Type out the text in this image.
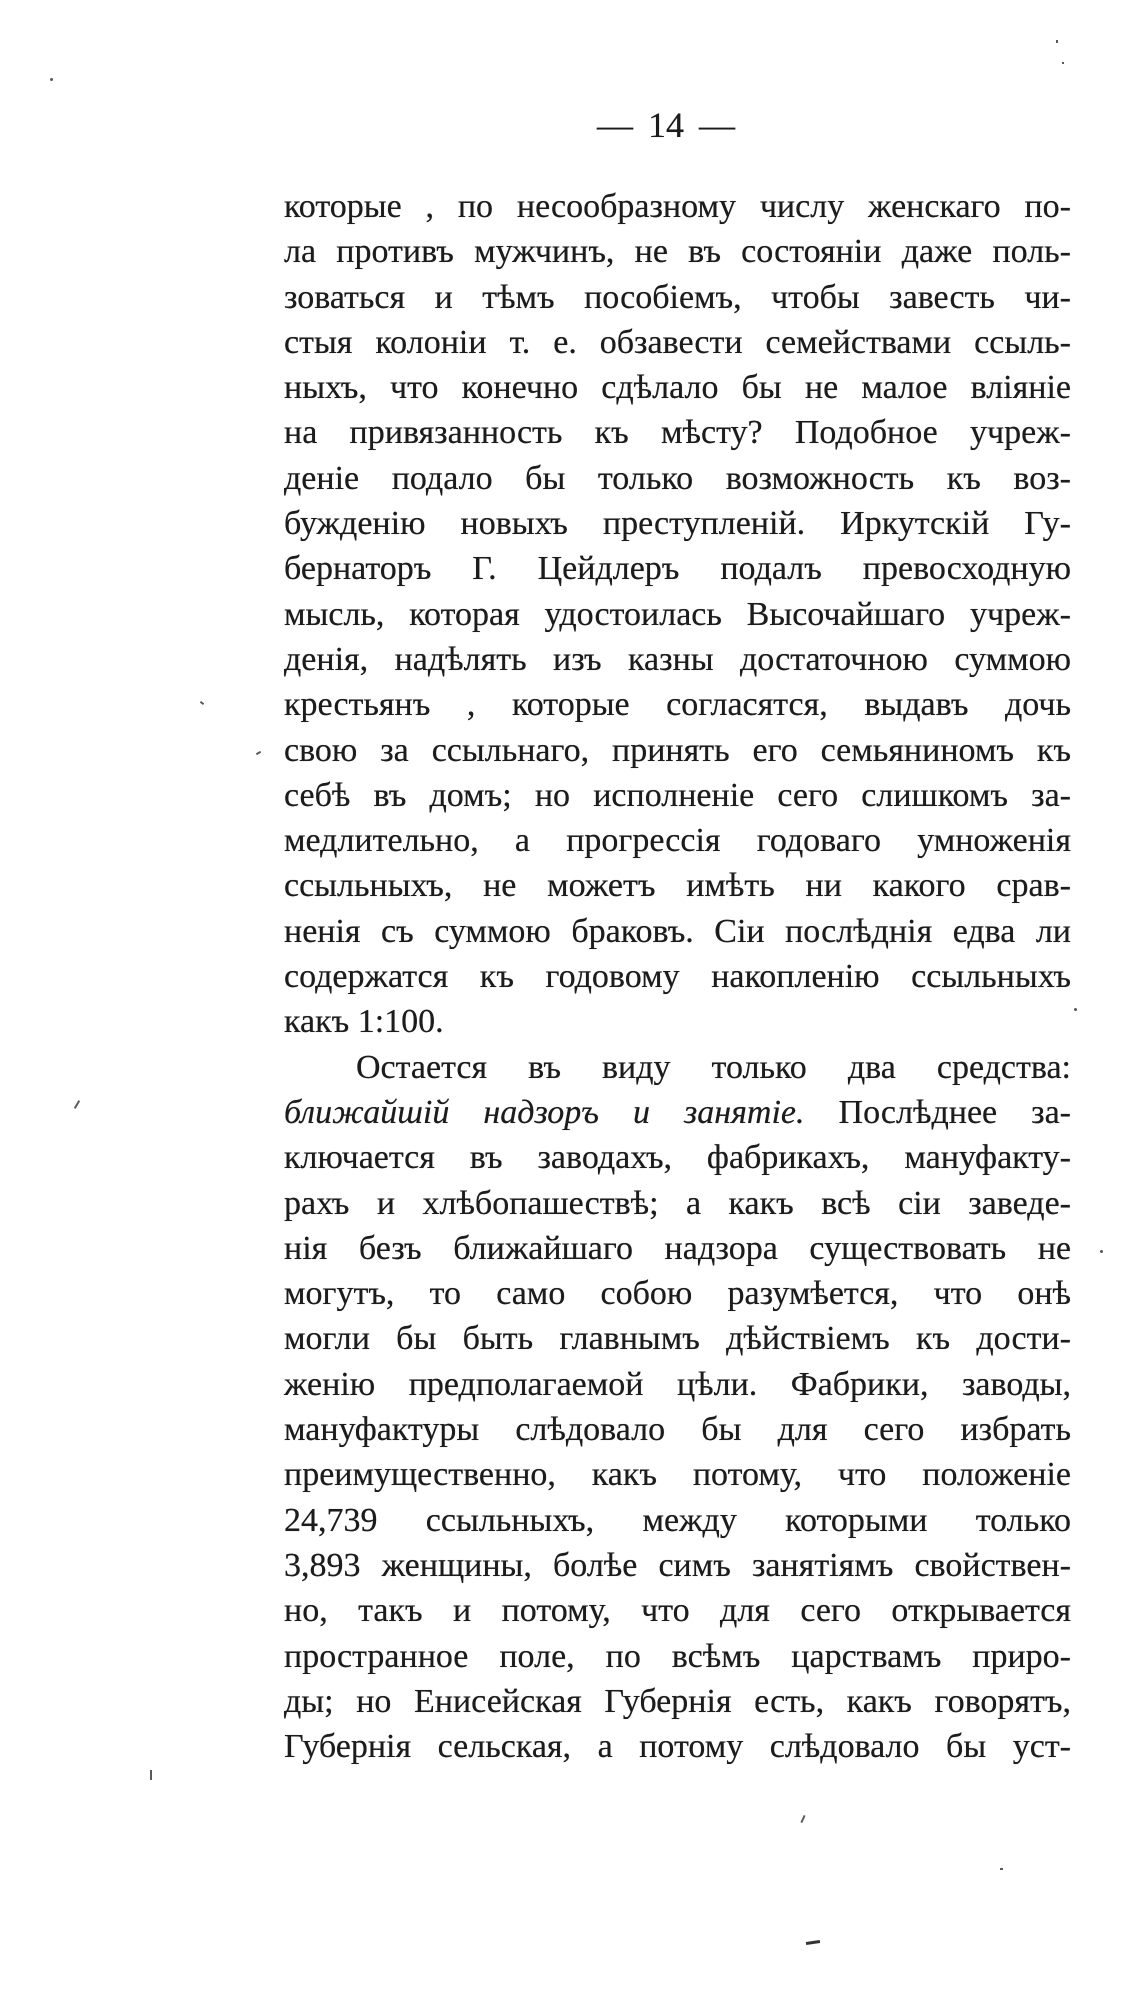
— 14 —
которые , по несообразному числу женскаго по-
ла противъ мужчинъ, не въ состояніи даже поль-
зоваться и тѣмъ пособіемъ, чтобы завесть чи-
стыя колоніи т. е. обзавести семействами ссыль-
ныхъ, что конечно сдѣлало бы не малое вліяніе
на привязанность къ мѣсту? Подобное учреж-
деніе подало бы только возможность къ воз-
бужденію новыхъ преступленій. Иркутскій Гу-
бернаторъ Г. Цейдлеръ подалъ превосходную
мысль, которая удостоилась Высочайшаго учреж-
денія, надѣлять изъ казны достаточною суммою
крестьянъ , которые согласятся, выдавъ дочь
свою за ссыльнаго, принять его семьяниномъ къ
себѣ въ домъ; но исполненіе сего слишкомъ за-
медлительно, а прогрессія годоваго умноженія
ссыльныхъ, не можетъ имѣть ни какого срав-
ненія съ суммою браковъ. Сіи послѣднія едва ли
содержатся къ годовому накопленію ссыльныхъ
какъ 1:100.
Остается въ виду только два средства:
ближайшій надзоръ и занятіе. Послѣднее за-
ключается въ заводахъ, фабрикахъ, мануфакту-
рахъ и хлѣбопашествѣ; а какъ всѣ сіи заведе-
нія безъ ближайшаго надзора существовать не
могутъ, то само собою разумѣется, что онѣ
могли бы быть главнымъ дѣйствіемъ къ дости-
женію предполагаемой цѣли. Фабрики, заводы,
мануфактуры слѣдовало бы для сего избрать
преимущественно, какъ потому, что положеніе
24,739 ссыльныхъ, между которыми только
3,893 женщины, болѣе симъ занятіямъ свойствен-
но, такъ и потому, что для сего открывается
пространное поле, по всѣмъ царствамъ приро-
ды; но Енисейская Губернія есть, какъ говорятъ,
Губернія сельская, а потому слѣдовало бы уст-
